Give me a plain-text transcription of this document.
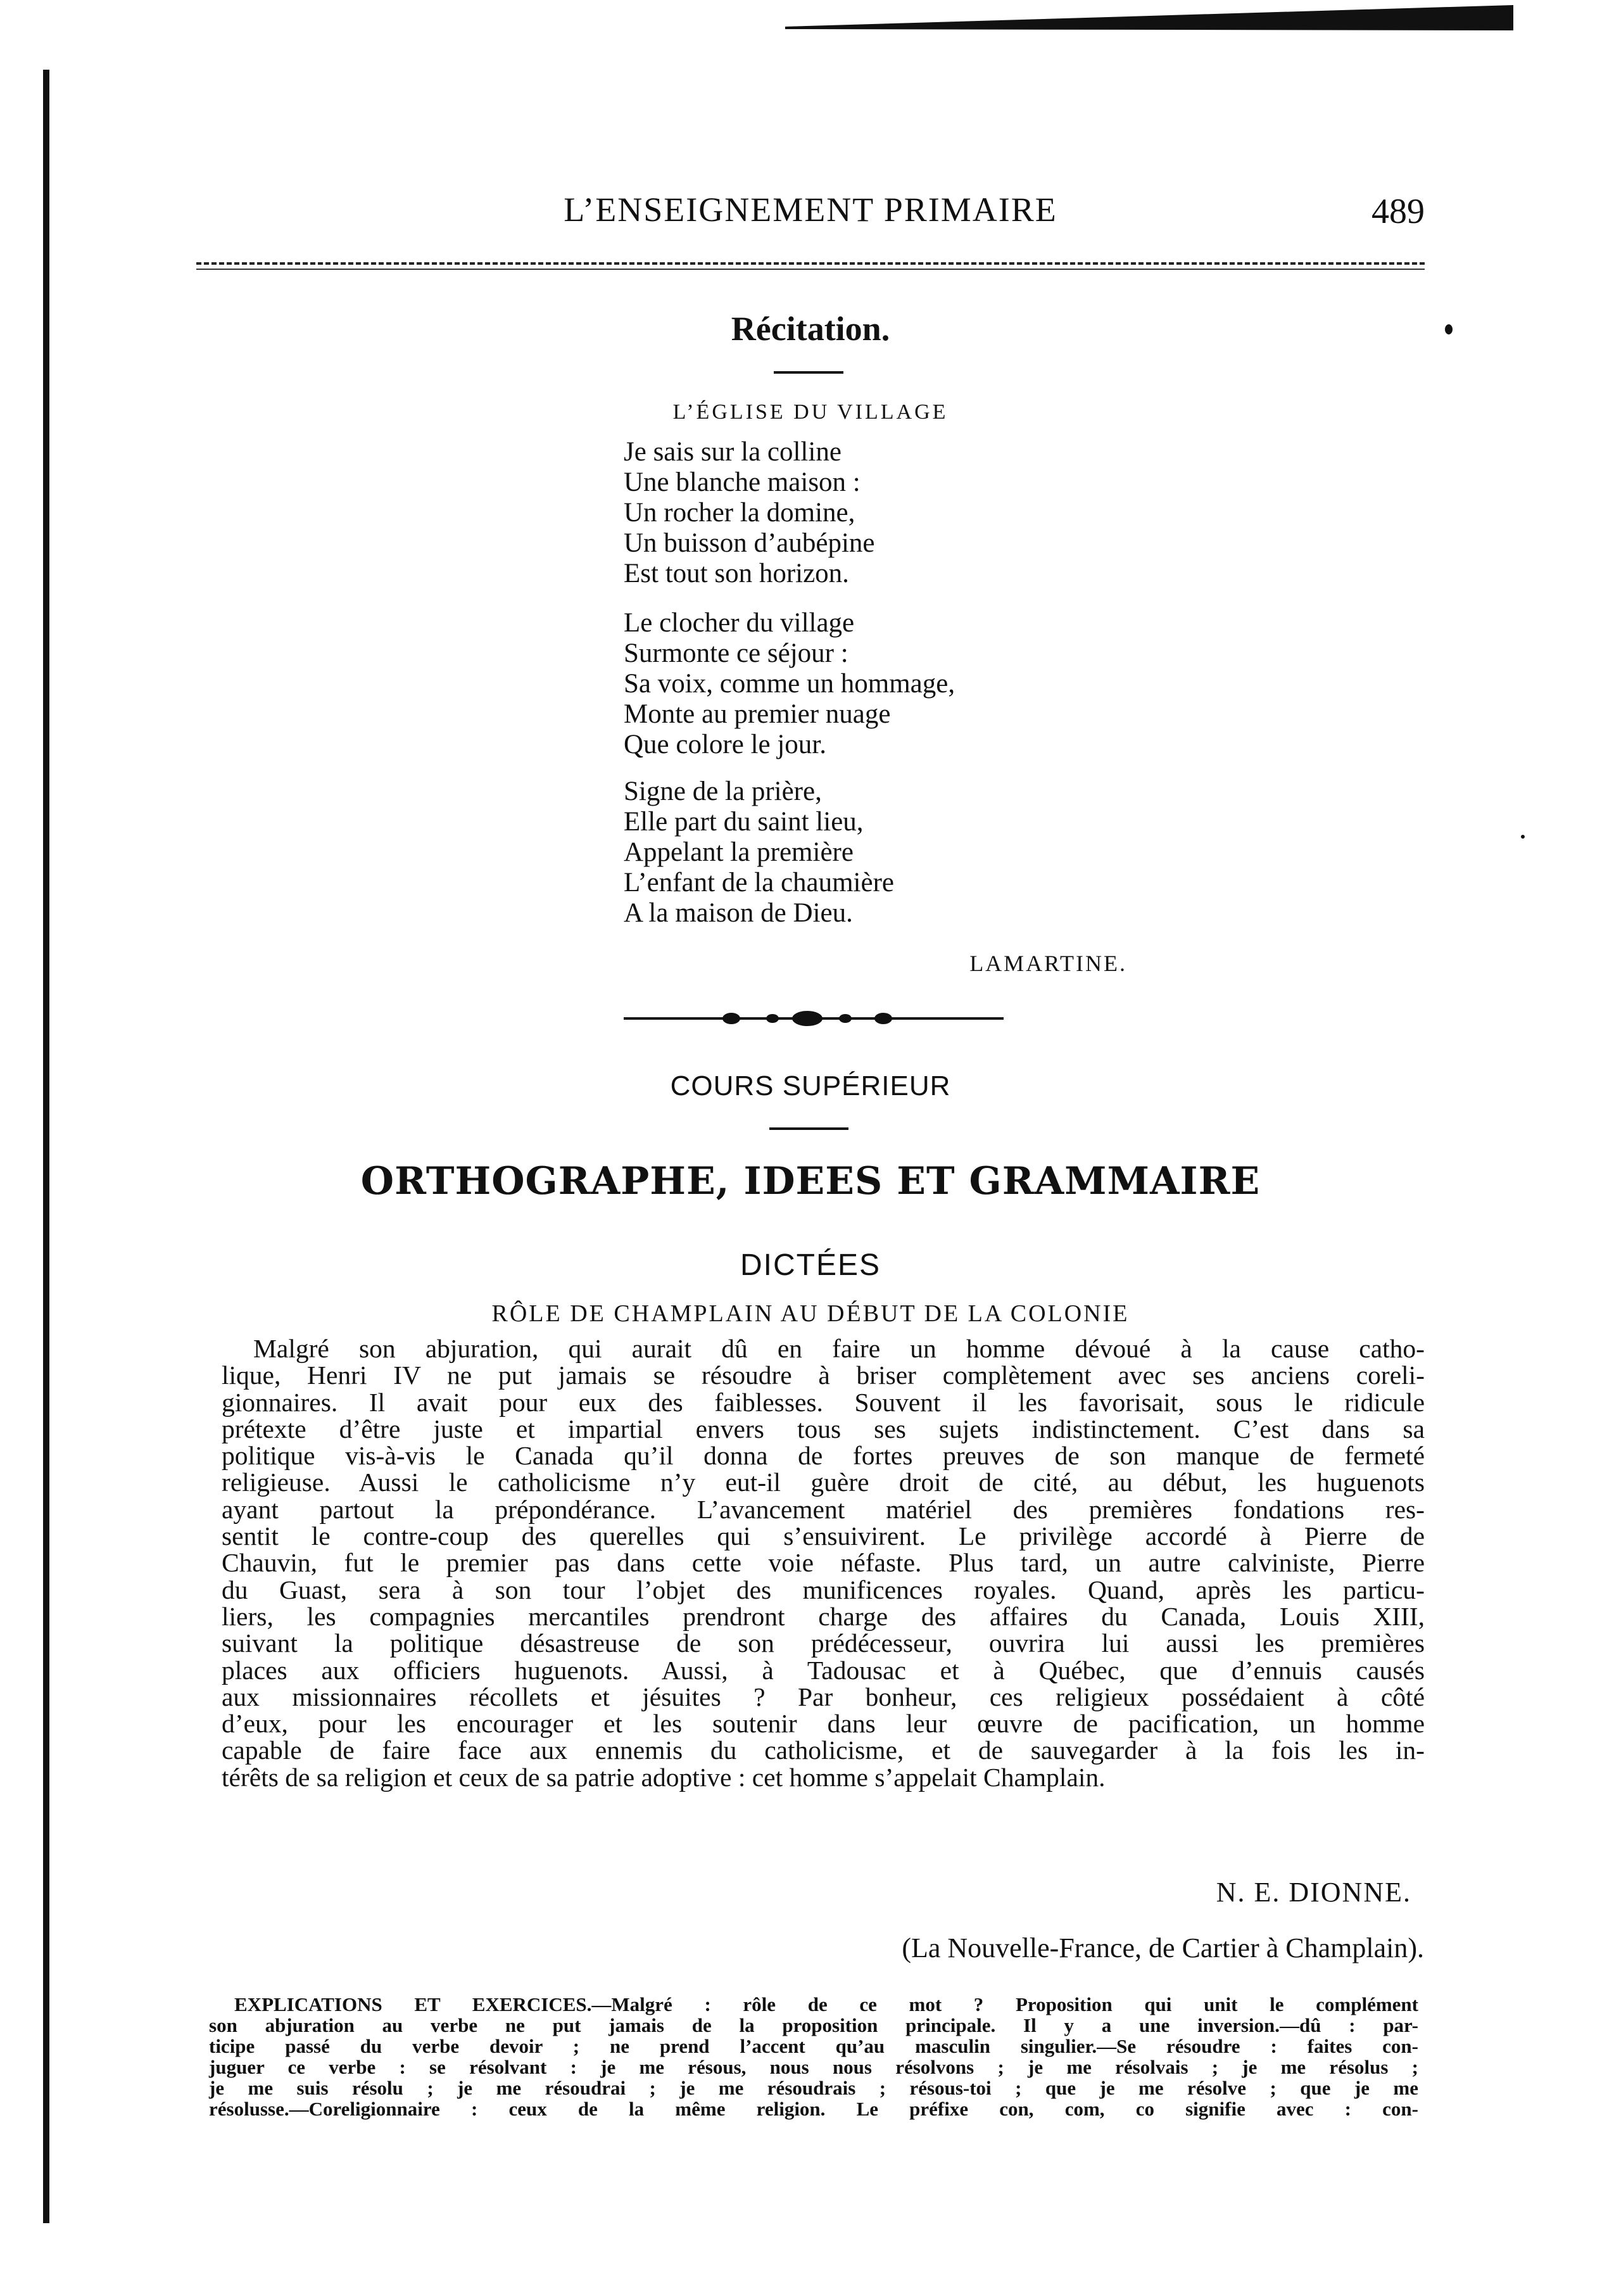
L’ENSEIGNEMENT PRIMAIRE	489
Récitation.
L’ÉGLISE DU VILLAGE
Je sais sur la colline
Une blanche maison :
Un rocher la domine,
Un buisson d’aubépine
Est tout son horizon.
Le clocher du village
Surmonte ce séjour :
Sa voix, comme un hommage,
Monte au premier nuage
Que colore le jour.
Signe de la prière,
Elle part du saint lieu,
Appelant la première
L’enfant de la chaumière
A la maison de Dieu.
LAMARTINE.
COURS SUPÉRIEUR
ORTHOGRAPHE, IDEES ET GRAMMAIRE
DICTÉES
RÔLE DE CHAMPLAIN AU DÉBUT DE LA COLONIE
Malgré son abjuration, qui aurait dû en faire un homme dévoué à la cause catho-
lique, Henri IV ne put jamais se résoudre à briser complètement avec ses anciens corelі-
gionnaires. Il avait pour eux des faiblesses. Souvent il les favorisait, sous le ridicule
prétexte d’être juste et impartial envers tous ses sujets indistinctement. C’est dans sa
politique vis-à-vis le Canada qu’il donna de fortes preuves de son manque de fermeté
religieuse. Aussi le catholicisme n’y eut-il guère droit de cité, au début, les huguenots
ayant partout la prépondérance. L’avancement matériel des premières fondations res-
sentit le contre-coup des querelles qui s’ensuivirent. Le privilège accordé à Pierre de
Chauvin, fut le premier pas dans cette voie néfaste. Plus tard, un autre calviniste, Pierre
du Guast, sera à son tour l’objet des munificences royales. Quand, après les particu-
liers, les compagnies mercantiles prendront charge des affaires du Canada, Louis XIII,
suivant la politique désastreuse de son prédécesseur, ouvrira lui aussi les premières
places aux officiers huguenots. Aussi, à Tadousac et à Québec, que d’ennuis causés
aux missionnaires récollets et jésuites ? Par bonheur, ces religieux possédaient à côté
d’eux, pour les encourager et les soutenir dans leur œuvre de pacification, un homme
capable de faire face aux ennemis du catholicisme, et de sauvegarder à la fois les in-
térêts de sa religion et ceux de sa patrie adoptive : cet homme s’appelait Champlain.
N. E. DIONNE.
(La Nouvelle-France, de Cartier à Champlain).
EXPLICATIONS ET EXERCICES.—Malgré : rôle de ce mot ? Proposition qui unit le complément
son abjuration au verbe ne put jamais de la proposition principale. Il y a une inversion.—dû : par-
ticipe passé du verbe devoir ; ne prend l’accent qu’au masculin singulier.—Se résoudre : faites con-
juguer ce verbe : se résolvant : je me résous, nous nous résolvons ; je me résolvais ; je me résolus ;
je me suis résolu ; je me résoudrai ; je me résoudrais ; résous-toi ; que je me résolve ; que je me
résolusse.—Coreligionnaire : ceux de la même religion. Le préfixe con, com, co signifie avec : con-
